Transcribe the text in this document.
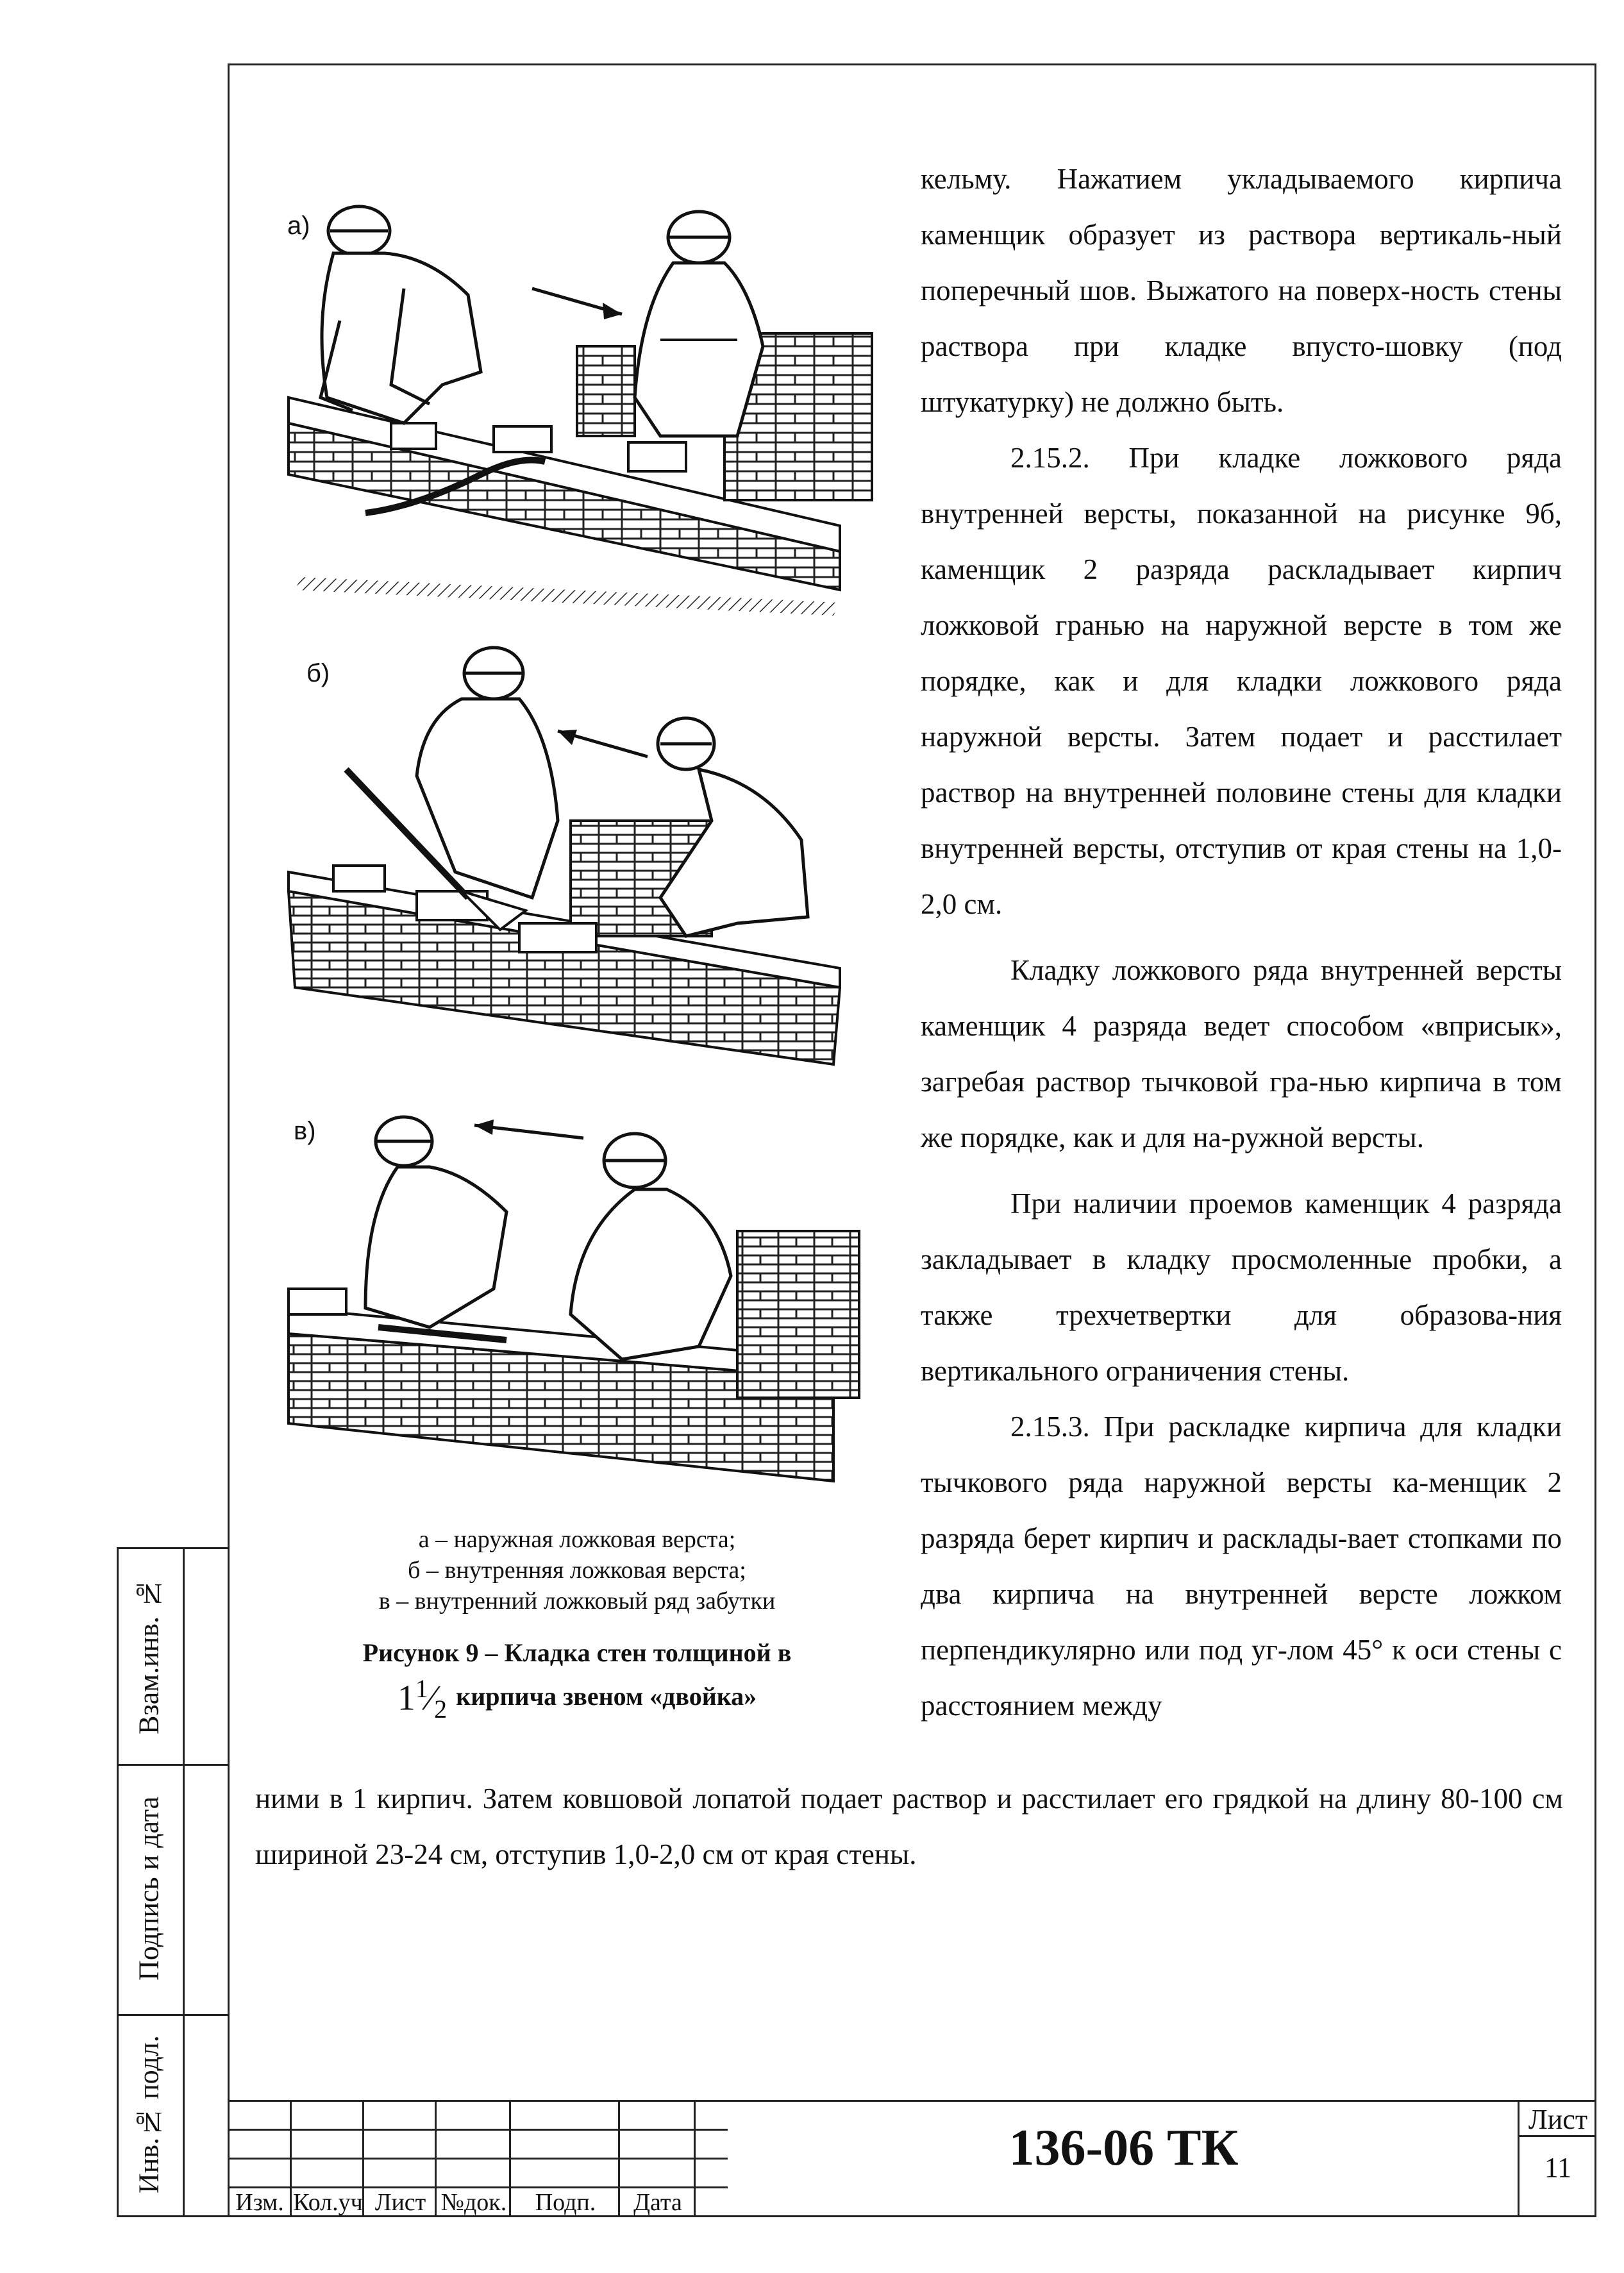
Взам.инв. №
Подпись и дата
Инв.№ подл.
а)
б)
в)
а – наружная ложковая верста;
б – внутренняя ложковая верста;
в – внутренний ложковый ряд забутки
Рисунок 9 – Кладка стен толщиной в
$1^1⁄_2$ кирпича звеном «двойка»

кельму. Нажатием укладываемого кирпича каменщик образует из раствора вертикаль-ный поперечный шов. Выжатого на поверх-ность стены раствора при кладке впусто-шовку (под штукатурку) не должно быть.

2.15.2. При кладке ложкового ряда внутренней версты, показанной на рисунке 9б, каменщик 2 разряда раскладывает кирпич ложковой гранью на наружной версте в том же порядке, как и для кладки ложкового ряда наружной версты. Затем подает и расстилает раствор на внутренней половине стены для кладки внутренней версты, отступив от края стены на 1,0-2,0 см.

Кладку ложкового ряда внутренней версты каменщик 4 разряда ведет способом «вприсык», загребая раствор тычковой гра-нью кирпича в том же порядке, как и для на-ружной версты.

При наличии проемов каменщик 4 разряда закладывает в кладку просмоленные пробки, а также трехчетвертки для образова-ния вертикального ограничения стены.

2.15.3. При раскладке кирпича для кладки тычкового ряда наружной версты ка-менщик 2 разряда берет кирпич и расклады-вает стопками по два кирпича на внутренней версте ложком перпендикулярно или под уг-лом 45° к оси стены с расстоянием между

ними в 1 кирпич. Затем ковшовой лопатой подает раствор и расстилает его грядкой на длину 80-100 см шириной 23-24 см, отступив 1,0-2,0 см от края стены.

Изм. Кол.уч Лист №док.	Подп.	Дата
136-06 ТК
Лист
11
